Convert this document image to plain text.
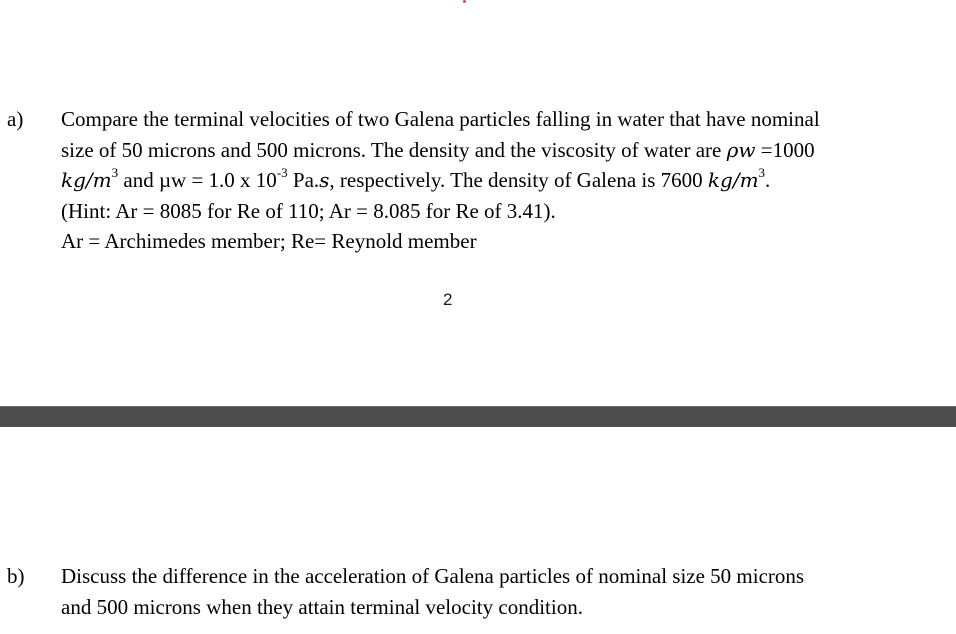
a) Compare the terminal velocities of two Galena particles falling in water that have nominal
size of 50 microns and 500 microns. The density and the viscosity of water are ρw =1000
$kg/m^3$ and µw = 1.0 x $10^{-3}$ Pa.s, respectively. The density of Galena is 7600 $kg/m^3$.
(Hint: Ar = 8085 for Re of 110; Ar = 8.085 for Re of 3.41).
Ar = Archimedes member; Re= Reynold member
2
b) Discuss the difference in the acceleration of Galena particles of nominal size 50 microns
and 500 microns when they attain terminal velocity condition.
